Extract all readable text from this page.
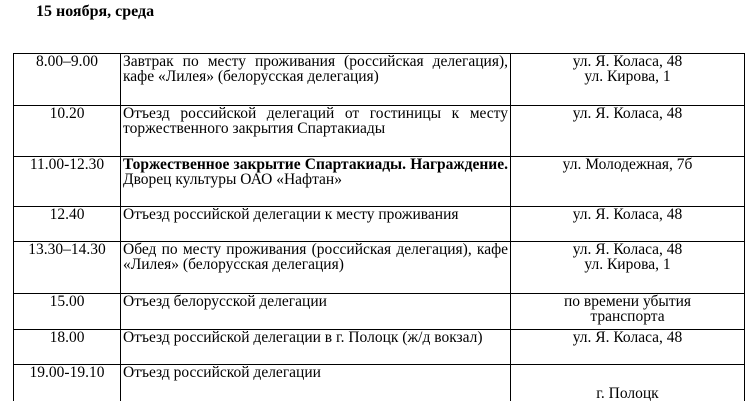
15 ноября, среда
8.00–9.00	Завтрак по месту проживания (российская делегация), кафе «Лилея» (белорусская делегация)	ул. Я. Коласа, 48
ул. Кирова, 1

10.20	Отъезд российской делегаций от гостиницы к месту торжественного закрытия Спартакиады	ул. Я. Коласа, 48

11.00-12.30	Торжественное закрытие Спартакиады. Награждение. Дворец культуры ОАО «Нафтан»	ул. Молодежная, 7б

12.40	Отъезд российской делегации к месту проживания	ул. Я. Коласа, 48

13.30–14.30	Обед по месту проживания (российская делегация), кафе «Лилея» (белорусская делегация)	ул. Я. Коласа, 48
ул. Кирова, 1

15.00	Отъезд белорусской делегации	по времени убытия
транспорта

18.00	Отъезд российской делегации в г. Полоцк (ж/д вокзал)	ул. Я. Коласа, 48

19.00-19.10	Отъезд российской делегации	г. Полоцк
